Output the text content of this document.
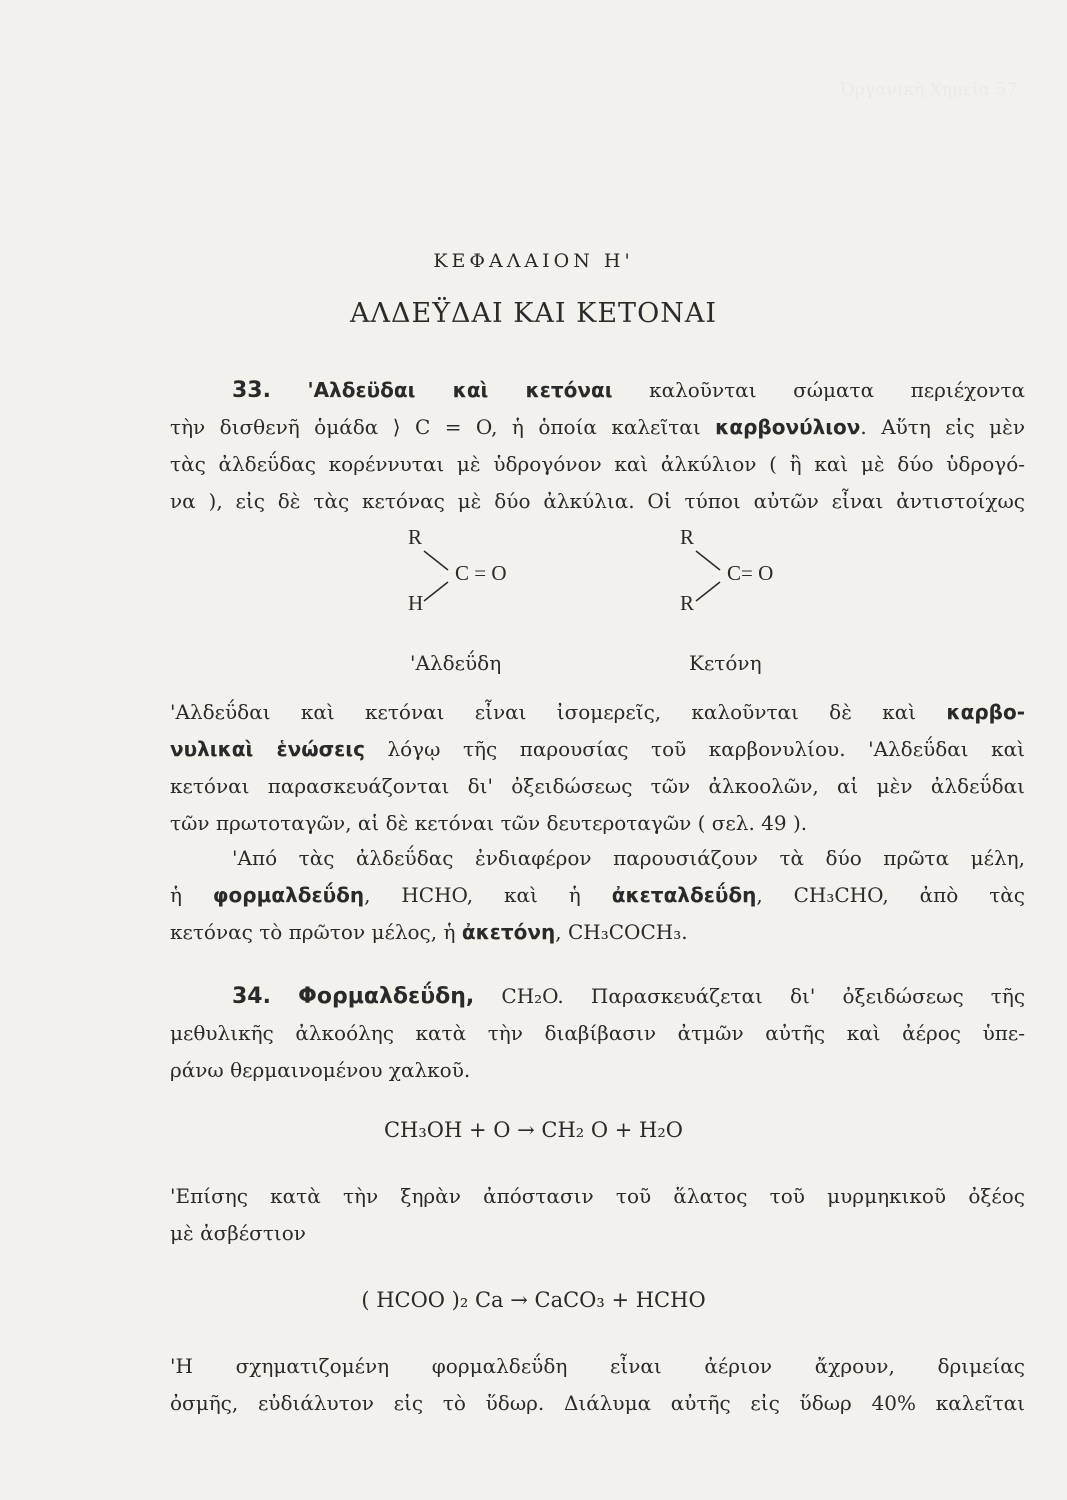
Ὀργανικὴ Χημεία 57
ΚΕΦΑΛΑΙΟΝ Η'
ΑΛΔΕΫΔΑΙ ΚΑΙ ΚΕΤΟΝΑΙ
33. 'Αλδεϋδαι καὶ κετόναι καλοῦνται σώματα περιέχοντα
τὴν δισθενῆ ὁμάδα ⟩ C = O, ἡ ὁποία καλεῖται καρβονύλιον. Αὕτη εἰς μὲν
τὰς ἀλδεΰδας κορέννυται μὲ ὑδρογόνον καὶ ἀλκύλιον ( ἢ καὶ μὲ δύο ὑδρογό-
να ), εἰς δὲ τὰς κετόνας μὲ δύο ἀλκύλια. Οἱ τύποι αὐτῶν εἶναι ἀντιστοίχως
R
C = O
H
'Αλδεΰδη
R
C= O
R
Κετόνη
'Αλδεΰδαι καὶ κετόναι εἶναι ἰσομερεῖς, καλοῦνται δὲ καὶ καρβο-
νυλικαὶ ἑνώσεις λόγῳ τῆς παρουσίας τοῦ καρβονυλίου. 'Αλδεΰδαι καὶ
κετόναι παρασκευάζονται δι' ὀξειδώσεως τῶν ἀλκοολῶν, αἱ μὲν ἀλδεΰδαι
τῶν πρωτοταγῶν, αἱ δὲ κετόναι τῶν δευτεροταγῶν ( σελ. 49 ).
'Από τὰς ἀλδεΰδας ἐνδιαφέρον παρουσιάζουν τὰ δύο πρῶτα μέλη,
ἡ φορμαλδεΰδη, HCHO, καὶ ἡ ἀκεταλδεΰδη, CH₃CHO, ἀπὸ τὰς
κετόνας τὸ πρῶτον μέλος, ἡ ἀκετόνη, CH₃COCH₃.
34. Φορμαλδεΰδη, CH₂O. Παρασκευάζεται δι' ὀξειδώσεως τῆς
μεθυλικῆς ἀλκοόλης κατὰ τὴν διαβίβασιν ἀτμῶν αὐτῆς καὶ ἀέρος ὑπε-
ράνω θερμαινομένου χαλκοῦ.
CH₃OH + O → CH₂ O + H₂O
'Επίσης κατὰ τὴν ξηρὰν ἀπόστασιν τοῦ ἅλατος τοῦ μυρμηκικοῦ ὀξέος
μὲ ἀσβέστιον
( HCOO )₂ Ca → CaCO₃ + HCHO
'Η σχηματιζομένη φορμαλδεΰδη εἶναι ἀέριον ἄχρουν, δριμείας
ὀσμῆς, εὐδιάλυτον εἰς τὸ ὕδωρ. Διάλυμα αὐτῆς εἰς ὕδωρ 40% καλεῖται
